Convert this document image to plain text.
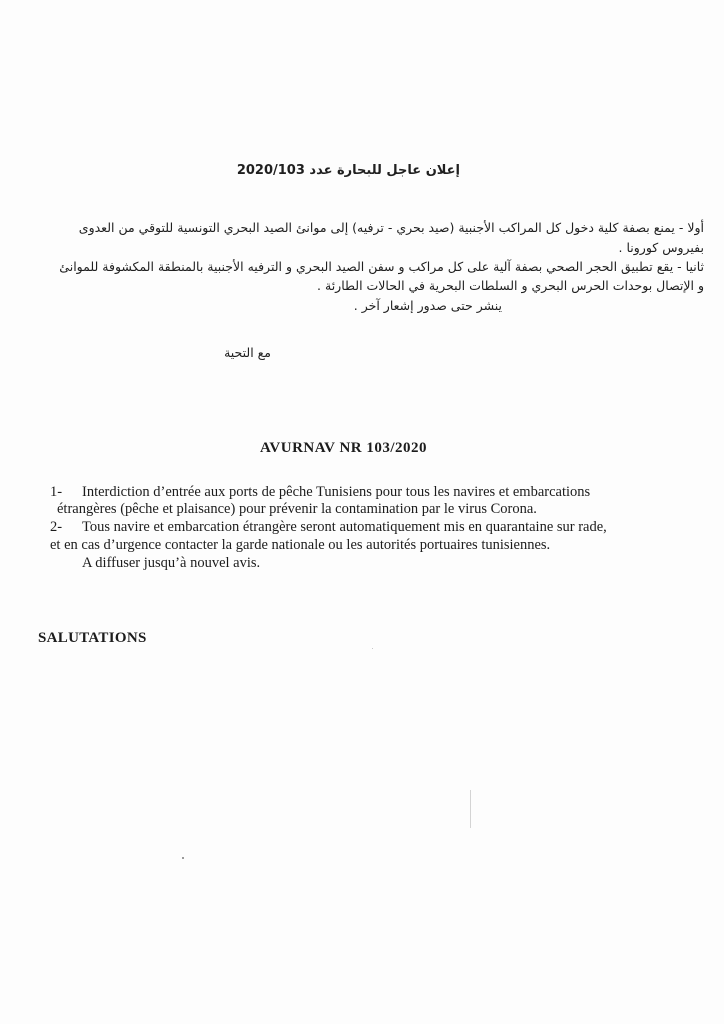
إعلان عاجل للبحارة عدد 2020/103
أولا - يمنع بصفة كلية دخول كل المراكب الأجنبية (صيد بحري - ترفيه) إلى موانئ الصيد البحري التونسية للتوقي من العدوى
بفيروس كورونا .
ثانيا - يقع تطبيق الحجر الصحي بصفة آلية على كل مراكب و سفن الصيد البحري و الترفيه الأجنبية بالمنطقة المكشوفة للموانئ
و الإتصال بوحدات الحرس البحري و السلطات البحرية في الحالات الطارئة .
ينشر حتى صدور إشعار آخر .
مع التحية
AVURNAV NR 103/2020
1- Interdiction d’entrée aux ports de pêche Tunisiens pour tous les navires et embarcations
étrangères (pêche et plaisance) pour prévenir la contamination par le virus Corona.
2- Tous navire et embarcation étrangère seront automatiquement mis en quarantaine sur rade,
et en cas d’urgence contacter la garde nationale ou les autorités portuaires tunisiennes.
A diffuser jusqu’à nouvel avis.
SALUTATIONS
